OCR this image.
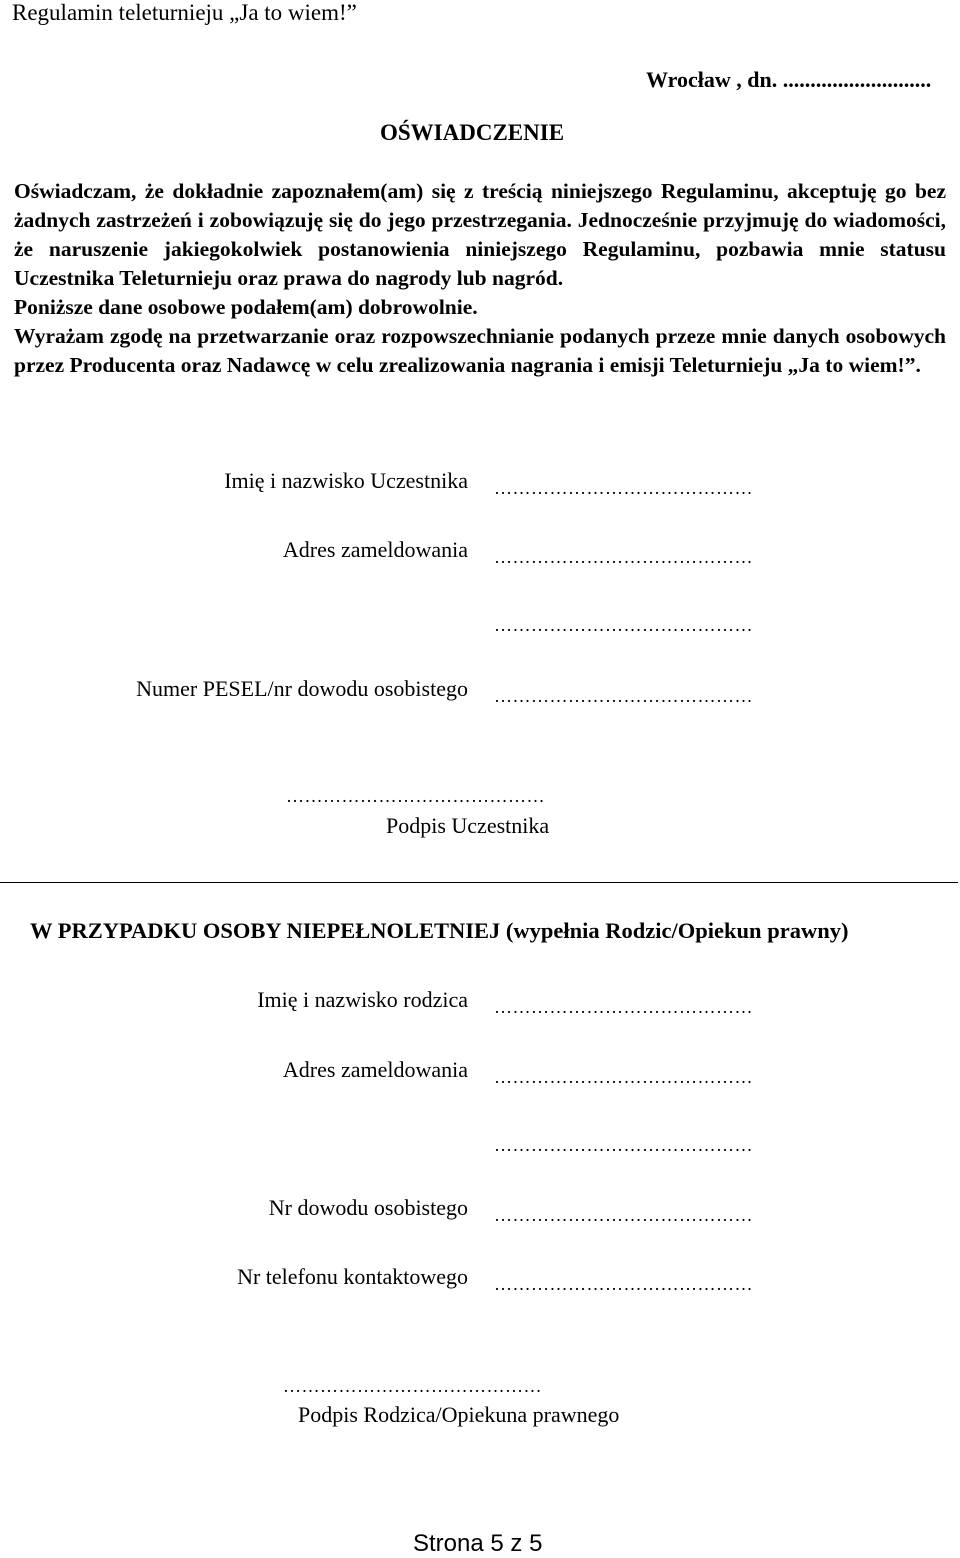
Regulamin teleturnieju „Ja to wiem!”
Wrocław , dn. ...........................
OŚWIADCZENIE

Oświadczam, że dokładnie zapoznałem(am) się z treścią niniejszego Regulaminu, akceptuję go bez żadnych zastrzeżeń i zobowiązuję się do jego przestrzegania. Jednocześnie przyjmuję do wiadomości, że naruszenie jakiegokolwiek postanowienia niniejszego Regulaminu, pozbawia mnie statusu Uczestnika Teleturnieju oraz prawa do nagrody lub nagród.

Poniższe dane osobowe podałem(am) dobrowolnie.

Wyrażam zgodę na przetwarzanie oraz rozpowszechnianie podanych przeze mnie danych osobowych przez Producenta oraz Nadawcę w celu zrealizowania nagrania i emisji Teleturnieju „Ja to wiem!”.

Imię i nazwisko Uczestnika ……………………………………
Adres zameldowania ……………………………………
……………………………………
Numer PESEL/nr dowodu osobistego ……………………………………
……………………………………
Podpis Uczestnika
W PRZYPADKU OSOBY NIEPEŁNOLETNIEJ (wypełnia Rodzic/Opiekun prawny)
Imię i nazwisko rodzica ……………………………………
Adres zameldowania ……………………………………
……………………………………
Nr dowodu osobistego ……………………………………
Nr telefonu kontaktowego ……………………………………
……………………………………
Podpis Rodzica/Opiekuna prawnego
Strona 5 z 5
